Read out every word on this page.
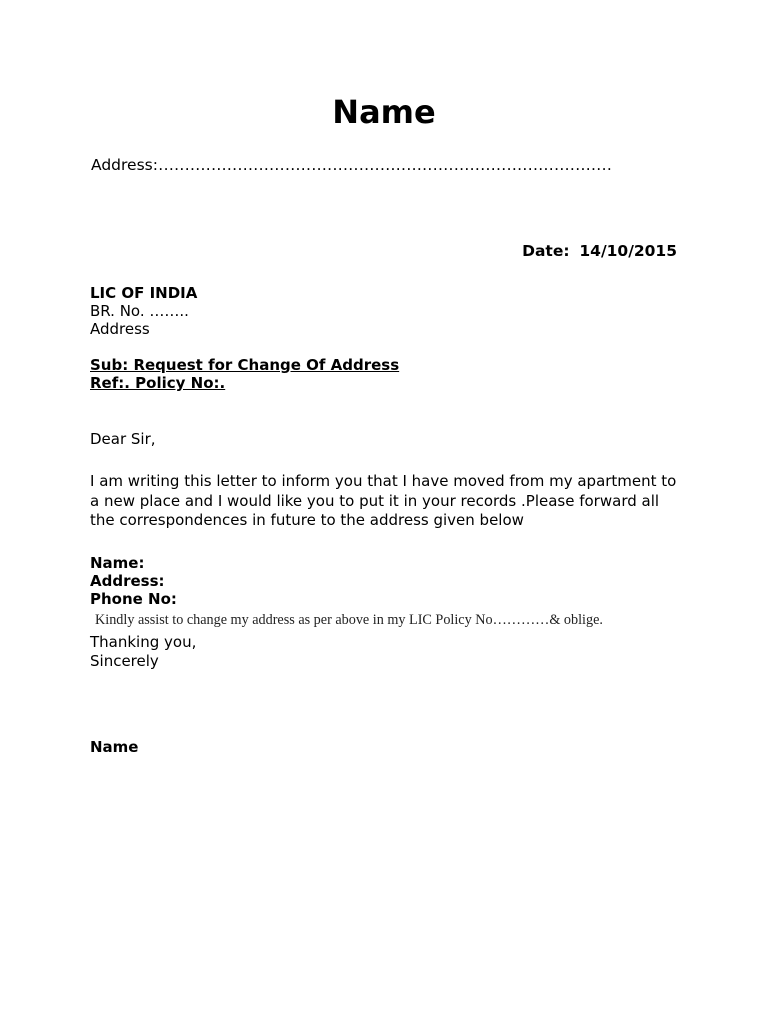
Name
Address:......................................................................................
Date: 14/10/2015
LIC OF INDIA
BR. No. ……..
Address
Sub: Request for Change Of Address
Ref:. Policy No:.
Dear Sir,
I am writing this letter to inform you that I have moved from my apartment to a new place and I would like you to put it in your records .Please forward all the correspondences in future to the address given below
Name:
Address:
Phone No:
Kindly assist to change my address as per above in my LIC Policy No…………& oblige.
Thanking you,
Sincerely
Name
